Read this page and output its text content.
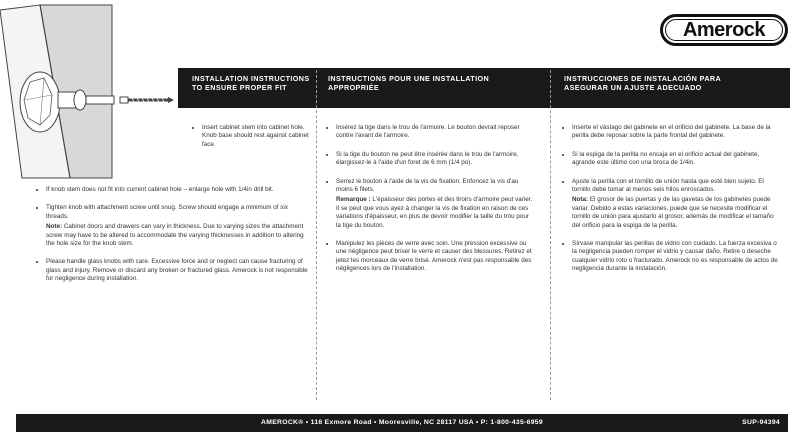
Amerock
INSTALLATION INSTRUCTIONS TO ENSURE PROPER FIT
INSTRUCTIONS POUR UNE INSTALLATION APPROPRIÉE
INSTRUCCIONES DE INSTALACIÓN PARA ASEGURAR UN AJUSTE ADECUADO
• Insert cabinet stem into cabinet hole. Knob base should rest against cabinet face.
• If knob stem does not fit into current cabinet hole – enlarge hole with 1/4in drill bit.
• Tighten knob with attachment screw until snug. Screw should engage a minimum of six threads.

Note: Cabinet doors and drawers can vary in thickness. Due to varying sizes the attachment screw may have to be altered to accommodate the varying thicknesses in addition to altering the hole size for the knob stem.

• Please handle glass knobs with care. Excessive force and or neglect can cause fracturing of glass and injury. Remove or discard any broken or fractured glass. Amerock is not responsible for negligence during installation.
• Insérez la tige dans le trou de l'armoire. Le bouton devrait reposer contre l'avant de l'armoire.
• Si la tige du bouton ne peut être insérée dans le trou de l'armoire, élargissez-le à l'aide d'un foret de 6 mm (1/4 po).
• Serrez le bouton à l'aide de la vis de fixation. Enfoncez la vis d'au moins 6 filets.

Remarque : L'épaisseur des portes et des tiroirs d'armoire peut varier. Il se peut que vous ayez à changer la vis de fixation en raison de ces variations d'épaisseur, en plus de devoir modifier la taille du trou pour la tige du bouton.

• Manipulez les pièces de verre avec soin. Une pression excessive ou une négligence peut briser le verre et causer des blessures. Retirez et jetez les morceaux de verre brisé. Amerock n'est pas responsable des négligences lors de l'installation.
• Inserte el vástago del gabinete en el orificio del gabinete. La base de la perilla debe reposar sobre la parte frontal del gabinete.
• Si la espiga de la perilla no encaja en el orificio actual del gabinete, agrande este último con una broca de 1/4in.
• Ajuste la perilla con el tornillo de unión hasta que esté bien sujeto. El tornillo debe tomar al menos seis hilos enroscados.

Nota: El grosor de las puertas y de las gavetas de los gabinetes puede variar. Debido a estas variaciones, puede que se necesite modificar el tornillo de unión para ajustarlo al grosor, además de modificar el tamaño del orificio para la espiga de la perilla.

• Sírvase manipular las perillas de vidrio con cuidado. La fuerza excesiva o la negligencia pueden romper el vidrio y causar daño. Retire o deseche cualquier vidrio roto o fracturado. Amerock no es responsable de actos de negligencia durante la instalación.
AMEROCK® • 116 Exmore Road • Mooresville, NC 28117 USA • P: 1-800-435-6959	SUP-94394
